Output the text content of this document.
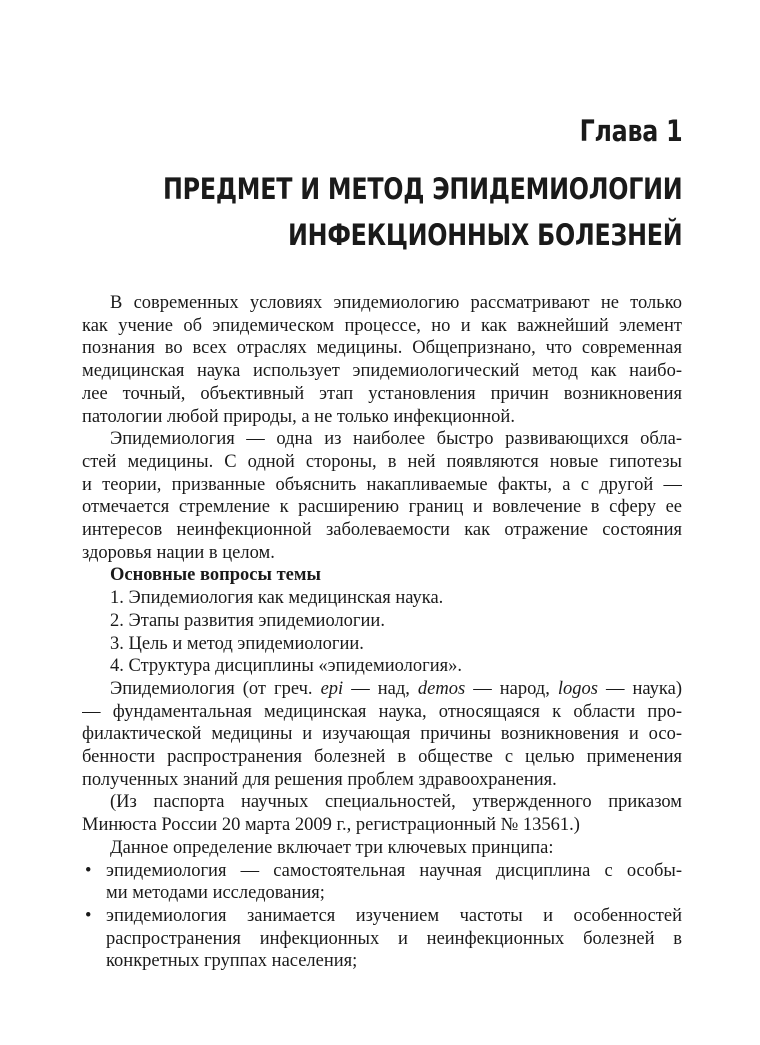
Глава 1
ПРЕДМЕТ И МЕТОД ЭПИДЕМИОЛОГИИ
ИНФЕКЦИОННЫХ БОЛЕЗНЕЙ
В современных условиях эпидемиологию рассматривают не только
как учение об эпидемическом процессе, но и как важнейший элемент
познания во всех отраслях медицины. Общепризнано, что современная
медицинская наука использует эпидемиологический метод как наибо-
лее точный, объективный этап установления причин возникновения
патологии любой природы, а не только инфекционной.
Эпидемиология — одна из наиболее быстро развивающихся обла-
стей медицины. С одной стороны, в ней появляются новые гипотезы
и теории, призванные объяснить накапливаемые факты, а с другой —
отмечается стремление к расширению границ и вовлечение в сферу ее
интересов неинфекционной заболеваемости как отражение состояния
здоровья нации в целом.
Основные вопросы темы
1. Эпидемиология как медицинская наука.
2. Этапы развития эпидемиологии.
3. Цель и метод эпидемиологии.
4. Структура дисциплины «эпидемиология».
Эпидемиология (от греч. epi — над, demos — народ, logos — наука)
— фундаментальная медицинская наука, относящаяся к области про-
филактической медицины и изучающая причины возникновения и осо-
бенности распространения болезней в обществе с целью применения
полученных знаний для решения проблем здравоохранения.
(Из паспорта научных специальностей, утвержденного приказом
Минюста России 20 марта 2009 г., регистрационный № 13561.)
Данное определение включает три ключевых принципа:
• эпидемиология — самостоятельная научная дисциплина с особы-
ми методами исследования;
• эпидемиология занимается изучением частоты и особенностей
распространения инфекционных и неинфекционных болезней в
конкретных группах населения;
